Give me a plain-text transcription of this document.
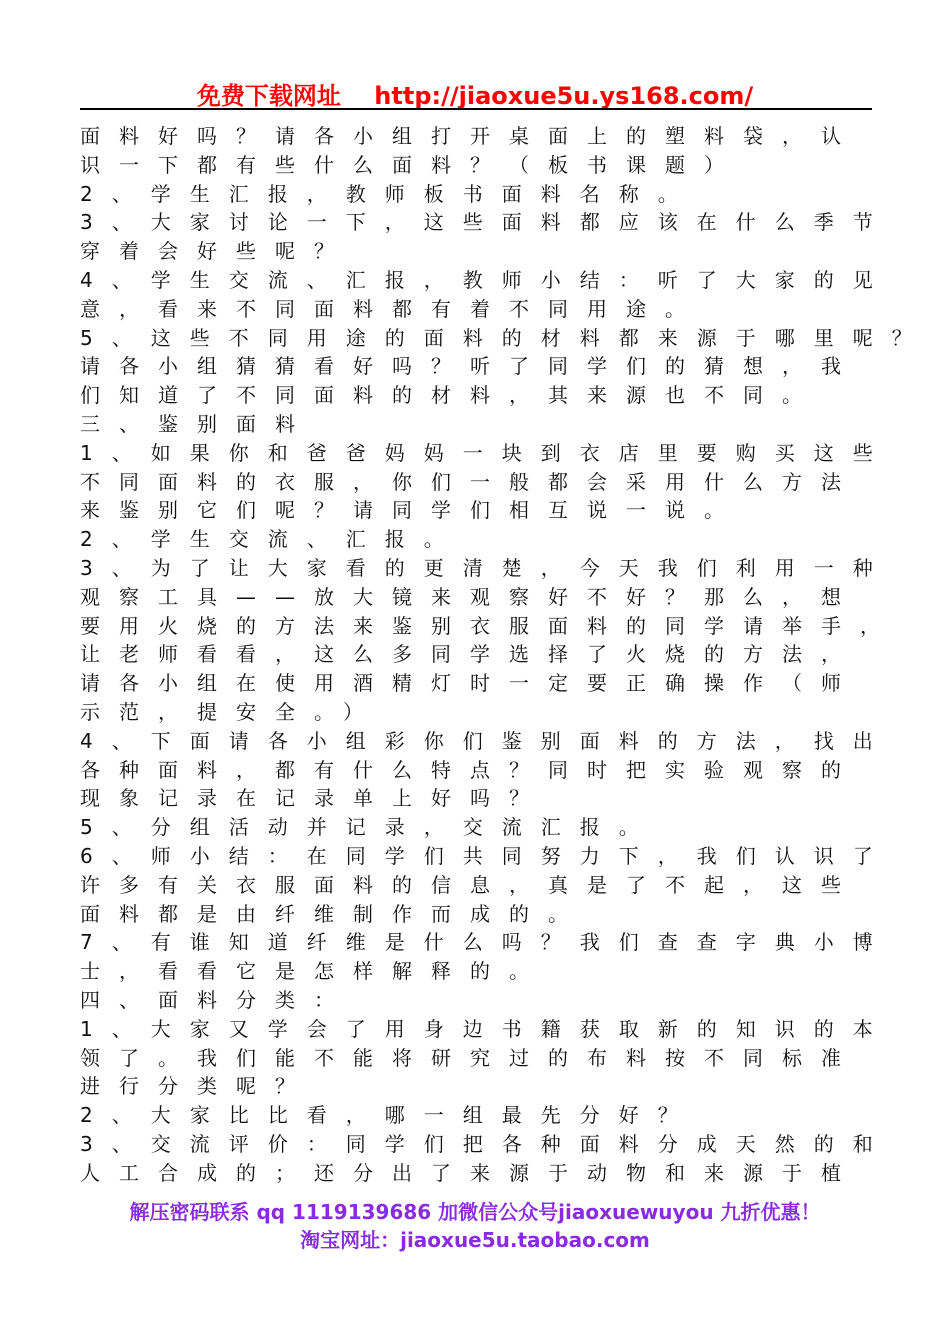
免费下载网址 http://jiaoxue5u.ys168.com/
面料好吗？请各小组打开桌面上的塑料袋，认
识一下都有些什么面料？（板书课题）
2、学生汇报，教师板书面料名称。
3、大家讨论一下，这些面料都应该在什么季节
穿着会好些呢？
4、学生交流、汇报，教师小结：听了大家的见
意，看来不同面料都有着不同用途。
5、这些不同用途的面料的材料都来源于哪里呢？
请各小组猜猜看好吗？听了同学们的猜想，我
们知道了不同面料的材料，其来源也不同。
三、鉴别面料
1、如果你和爸爸妈妈一块到衣店里要购买这些
不同面料的衣服，你们一般都会采用什么方法
来鉴别它们呢？请同学们相互说一说。
2、学生交流、汇报。
3、为了让大家看的更清楚，今天我们利用一种
观察工具——放大镜来观察好不好？那么，想
要用火烧的方法来鉴别衣服面料的同学请举手，
让老师看看，这么多同学选择了火烧的方法，
请各小组在使用酒精灯时一定要正确操作（师
示范，提安全。）
4、下面请各小组彩你们鉴别面料的方法，找出
各种面料，都有什么特点？同时把实验观察的
现象记录在记录单上好吗？
5、分组活动并记录，交流汇报。
6、师小结：在同学们共同努力下，我们认识了
许多有关衣服面料的信息，真是了不起，这些
面料都是由纤维制作而成的。
7、有谁知道纤维是什么吗？我们查查字典小博
士，看看它是怎样解释的。
四、面料分类：
1、大家又学会了用身边书籍获取新的知识的本
领了。我们能不能将研究过的布料按不同标准
进行分类呢？
2、大家比比看，哪一组最先分好？
3、交流评价：同学们把各种面料分成天然的和
人工合成的；还分出了来源于动物和来源于植
解压密码联系 qq 1119139686 加微信公众号jiaoxuewuyou 九折优惠！
淘宝网址：jiaoxue5u.taobao.com
